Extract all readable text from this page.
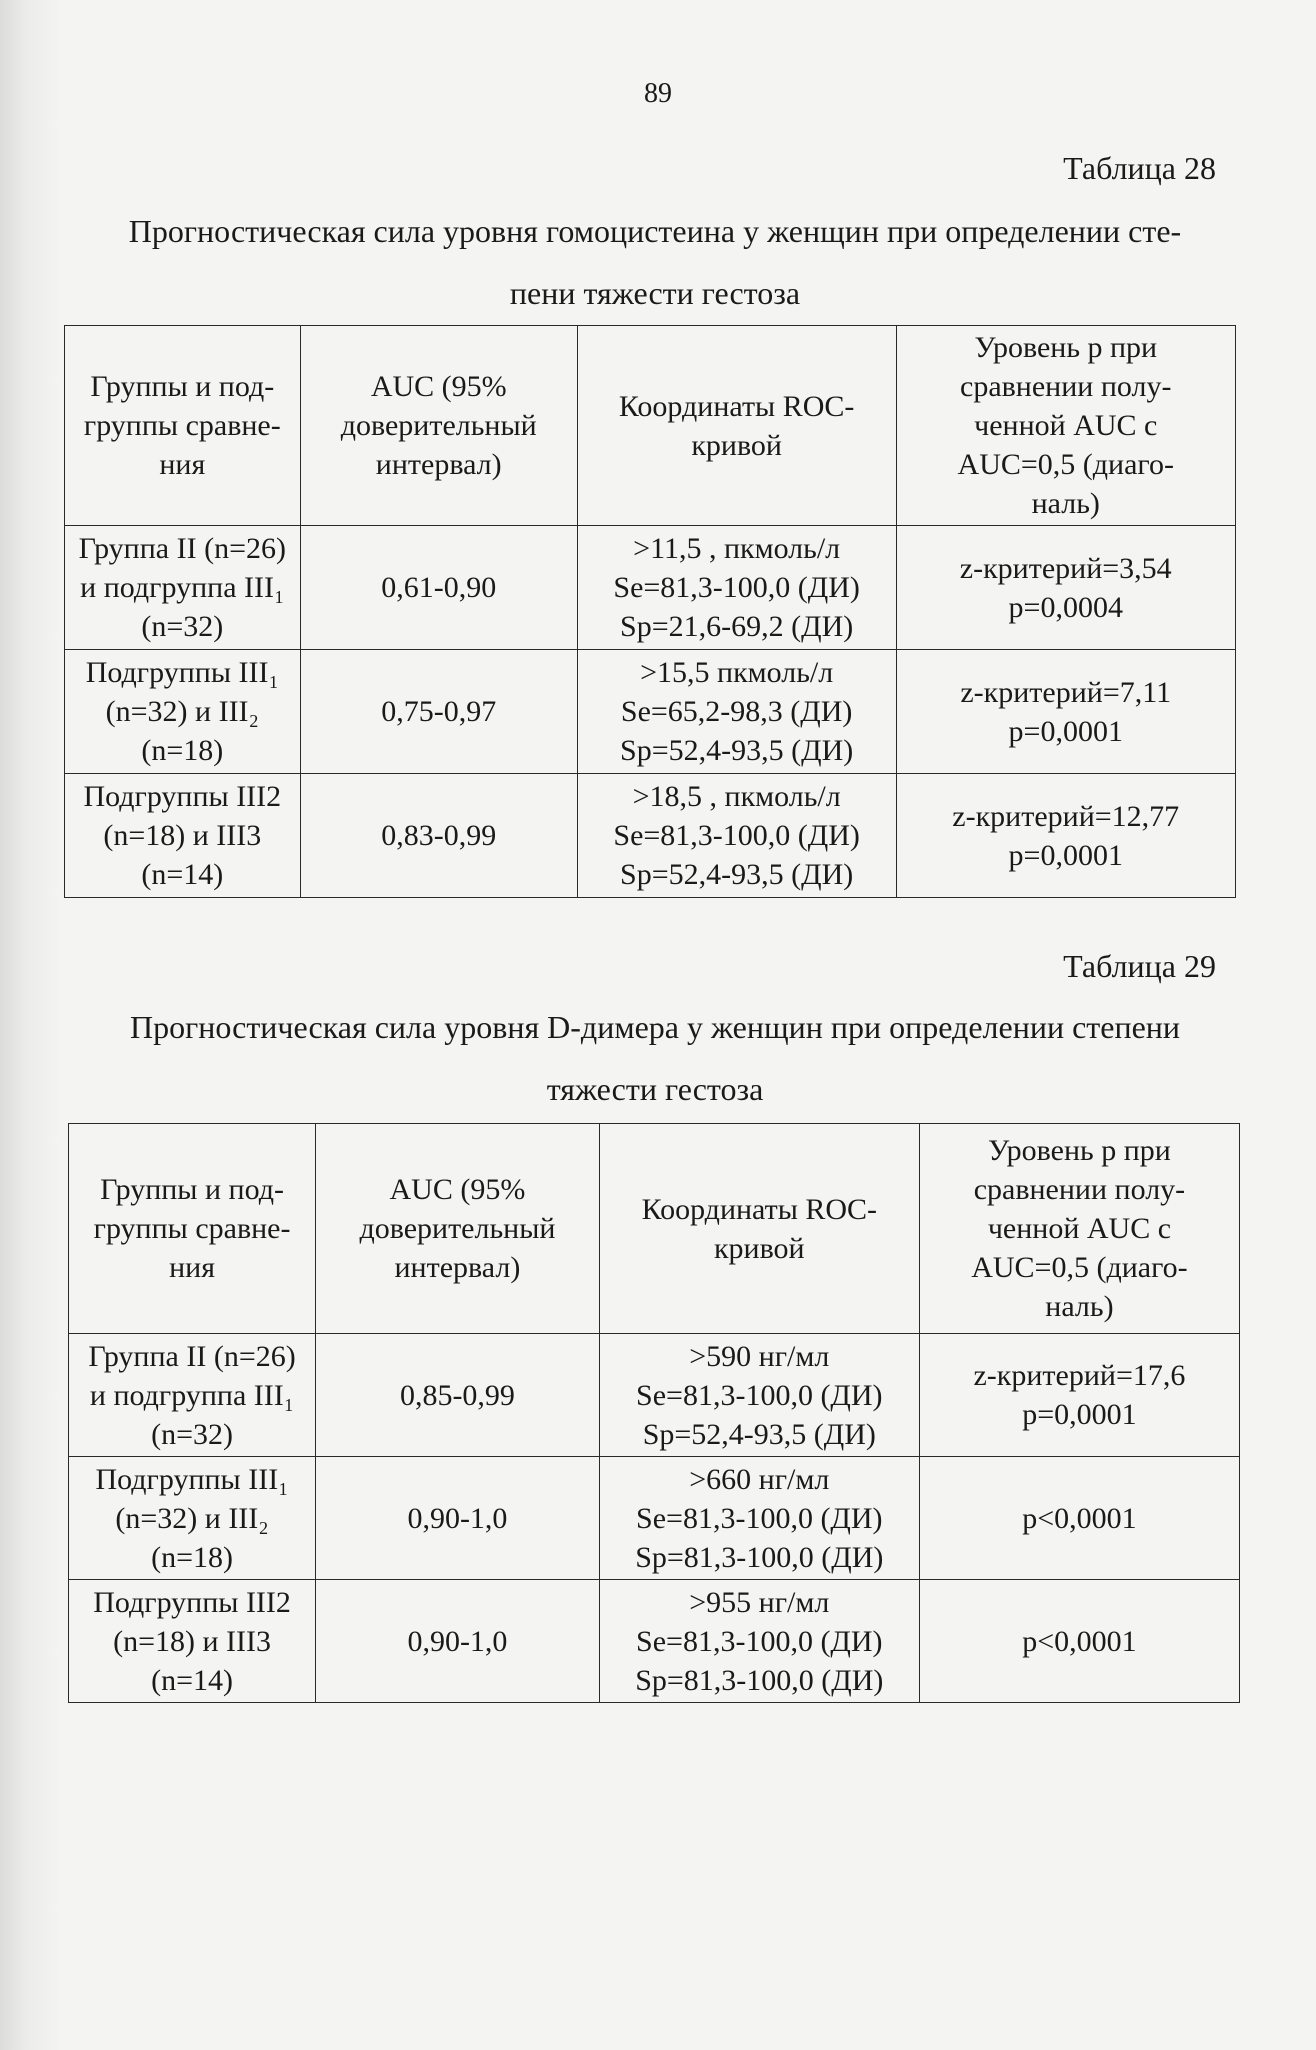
89
Таблица 28
Прогностическая сила уровня гомоцистеина у женщин при определении сте-
пени тяжести гестоза
Группы и под-
группы сравне-
ния	AUC (95%
доверительный
интервал)	Координаты ROC-
кривой	Уровень p при
сравнении полу-
ченной AUC с
AUC=0,5 (диаго-
наль)

Группа II (n=26)
и подгруппа III₁
(n=32)	0,61-0,90	>11,5 , пкмоль/л
Se=81,3-100,0 (ДИ)
Sp=21,6-69,2 (ДИ)	z-критерий=3,54
p=0,0004

Подгруппы III₁
(n=32) и III₂
(n=18)	0,75-0,97	>15,5 пкмоль/л
Se=65,2-98,3 (ДИ)
Sp=52,4-93,5 (ДИ)	z-критерий=7,11
p=0,0001

Подгруппы III2
(n=18) и III3
(n=14)	0,83-0,99	>18,5 , пкмоль/л
Se=81,3-100,0 (ДИ)
Sp=52,4-93,5 (ДИ)	z-критерий=12,77
p=0,0001
Таблица 29
Прогностическая сила уровня D-димера у женщин при определении степени
тяжести гестоза
Группы и под-
группы сравне-
ния	AUC (95%
доверительный
интервал)	Координаты ROC-
кривой	Уровень p при
сравнении полу-
ченной AUC с
AUC=0,5 (диаго-
наль)

Группа II (n=26)
и подгруппа III₁
(n=32)	0,85-0,99	>590 нг/мл
Se=81,3-100,0 (ДИ)
Sp=52,4-93,5 (ДИ)	z-критерий=17,6
p=0,0001

Подгруппы III₁
(n=32) и III₂
(n=18)	0,90-1,0	>660 нг/мл
Se=81,3-100,0 (ДИ)
Sp=81,3-100,0 (ДИ)	p<0,0001

Подгруппы III2
(n=18) и III3
(n=14)	0,90-1,0	>955 нг/мл
Se=81,3-100,0 (ДИ)
Sp=81,3-100,0 (ДИ)	p<0,0001
